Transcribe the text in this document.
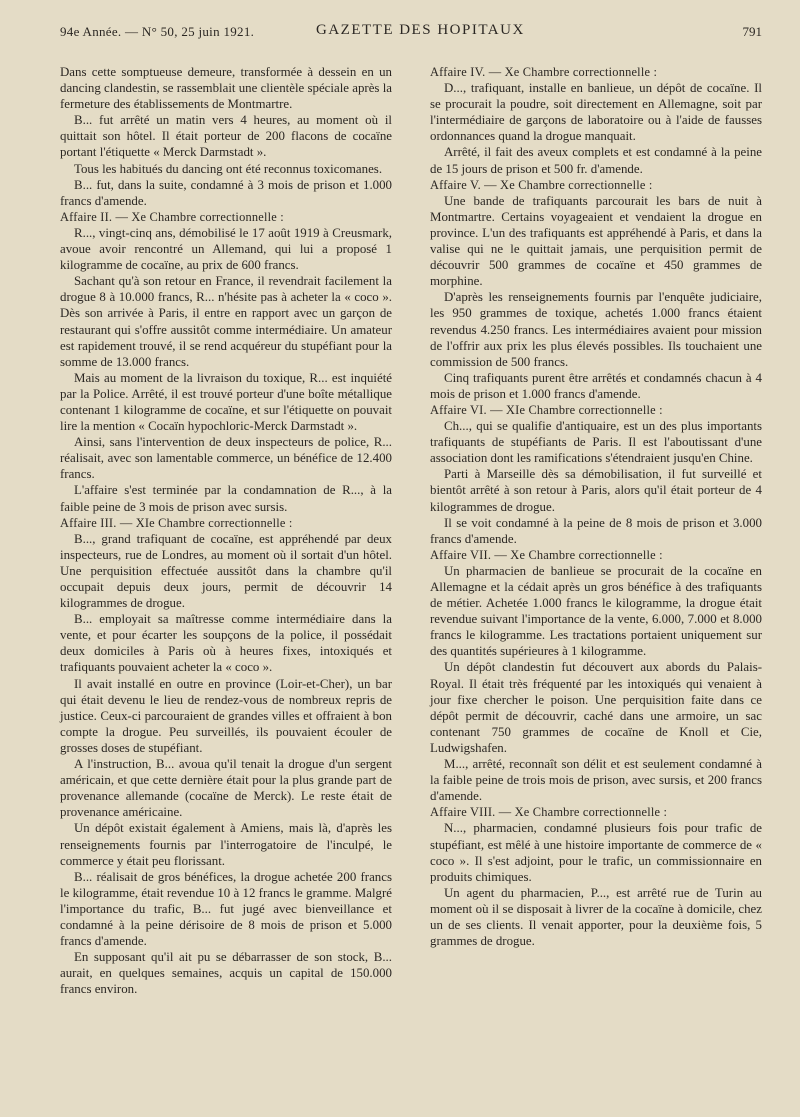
94e Année. — N° 50, 25 juin 1921.	GAZETTE DES HOPITAUX	791

Dans cette somptueuse demeure, transformée à dessein en un dancing clandestin, se rassemblait une clientèle spéciale après la fermeture des établissements de Montmartre.

B... fut arrêté un matin vers 4 heures, au moment où il quittait son hôtel. Il était porteur de 200 flacons de cocaïne portant l'étiquette « Merck Darmstadt ».

Tous les habitués du dancing ont été reconnus toxicomanes.

B... fut, dans la suite, condamné à 3 mois de prison et 1.000 francs d'amende.

Affaire II. — Xe Chambre correctionnelle :

R..., vingt-cinq ans, démobilisé le 17 août 1919 à Creusmark, avoue avoir rencontré un Allemand, qui lui a proposé 1 kilogramme de cocaïne, au prix de 600 francs.

Sachant qu'à son retour en France, il revendrait facilement la drogue 8 à 10.000 francs, R... n'hésite pas à acheter la « coco ». Dès son arrivée à Paris, il entre en rapport avec un garçon de restaurant qui s'offre aussitôt comme intermédiaire. Un amateur est rapidement trouvé, il se rend acquéreur du stupéfiant pour la somme de 13.000 francs.

Mais au moment de la livraison du toxique, R... est inquiété par la Police. Arrêté, il est trouvé porteur d'une boîte métallique contenant 1 kilogramme de cocaïne, et sur l'étiquette on pouvait lire la mention « Cocaïn hypochloric-Merck Darmstadt ».

Ainsi, sans l'intervention de deux inspecteurs de police, R... réalisait, avec son lamentable commerce, un bénéfice de 12.400 francs.

L'affaire s'est terminée par la condamnation de R..., à la faible peine de 3 mois de prison avec sursis.

Affaire III. — XIe Chambre correctionnelle :

B..., grand trafiquant de cocaïne, est appréhendé par deux inspecteurs, rue de Londres, au moment où il sortait d'un hôtel. Une perquisition effectuée aussitôt dans la chambre qu'il occupait depuis deux jours, permit de découvrir 14 kilogrammes de drogue.

B... employait sa maîtresse comme intermédiaire dans la vente, et pour écarter les soupçons de la police, il possédait deux domiciles à Paris où à heures fixes, intoxiqués et trafiquants pouvaient acheter la « coco ».

Il avait installé en outre en province (Loir-et-Cher), un bar qui était devenu le lieu de rendez-vous de nombreux repris de justice. Ceux-ci parcouraient de grandes villes et offraient à bon compte la drogue. Peu surveillés, ils pouvaient écouler de grosses doses de stupéfiant.

A l'instruction, B... avoua qu'il tenait la drogue d'un sergent américain, et que cette dernière était pour la plus grande part de provenance allemande (cocaïne de Merck). Le reste était de provenance américaine.

Un dépôt existait également à Amiens, mais là, d'après les renseignements fournis par l'interrogatoire de l'inculpé, le commerce y était peu florissant.

B... réalisait de gros bénéfices, la drogue achetée 200 francs le kilogramme, était revendue 10 à 12 francs le gramme. Malgré l'importance du trafic, B... fut jugé avec bienveillance et condamné à la peine dérisoire de 8 mois de prison et 5.000 francs d'amende.

En supposant qu'il ait pu se débarrasser de son stock, B... aurait, en quelques semaines, acquis un capital de 150.000 francs environ.

Affaire IV. — Xe Chambre correctionnelle :

D..., trafiquant, installe en banlieue, un dépôt de cocaïne. Il se procurait la poudre, soit directement en Allemagne, soit par l'intermédiaire de garçons de laboratoire ou à l'aide de fausses ordonnances quand la drogue manquait.

Arrêté, il fait des aveux complets et est condamné à la peine de 15 jours de prison et 500 fr. d'amende.

Affaire V. — Xe Chambre correctionnelle :

Une bande de trafiquants parcourait les bars de nuit à Montmartre. Certains voyageaient et vendaient la drogue en province. L'un des trafiquants est appréhendé à Paris, et dans la valise qui ne le quittait jamais, une perquisition permit de découvrir 500 grammes de cocaïne et 450 grammes de morphine.

D'après les renseignements fournis par l'enquête judiciaire, les 950 grammes de toxique, achetés 1.000 francs étaient revendus 4.250 francs. Les intermédiaires avaient pour mission de l'offrir aux prix les plus élevés possibles. Ils touchaient une commission de 500 francs.

Cinq trafiquants purent être arrêtés et condamnés chacun à 4 mois de prison et 1.000 francs d'amende.

Affaire VI. — XIe Chambre correctionnelle :

Ch..., qui se qualifie d'antiquaire, est un des plus importants trafiquants de stupéfiants de Paris. Il est l'aboutissant d'une association dont les ramifications s'étendraient jusqu'en Chine.

Parti à Marseille dès sa démobilisation, il fut surveillé et bientôt arrêté à son retour à Paris, alors qu'il était porteur de 4 kilogrammes de drogue.

Il se voit condamné à la peine de 8 mois de prison et 3.000 francs d'amende.

Affaire VII. — Xe Chambre correctionnelle :

Un pharmacien de banlieue se procurait de la cocaïne en Allemagne et la cédait après un gros bénéfice à des trafiquants de métier. Achetée 1.000 francs le kilogramme, la drogue était revendue suivant l'importance de la vente, 6.000, 7.000 et 8.000 francs le kilogramme. Les tractations portaient uniquement sur des quantités supérieures à 1 kilogramme.

Un dépôt clandestin fut découvert aux abords du Palais-Royal. Il était très fréquenté par les intoxiqués qui venaient à jour fixe chercher le poison. Une perquisition faite dans ce dépôt permit de découvrir, caché dans une armoire, un sac contenant 750 grammes de cocaïne de Knoll et Cie, Ludwigshafen.

M..., arrêté, reconnaît son délit et est seulement condamné à la faible peine de trois mois de prison, avec sursis, et 200 francs d'amende.

Affaire VIII. — Xe Chambre correctionnelle :

N..., pharmacien, condamné plusieurs fois pour trafic de stupéfiant, est mêlé à une histoire importante de commerce de « coco ». Il s'est adjoint, pour le trafic, un commissionnaire en produits chimiques.

Un agent du pharmacien, P..., est arrêté rue de Turin au moment où il se disposait à livrer de la cocaïne à domicile, chez un de ses clients. Il venait apporter, pour la deuxième fois, 5 grammes de drogue.
